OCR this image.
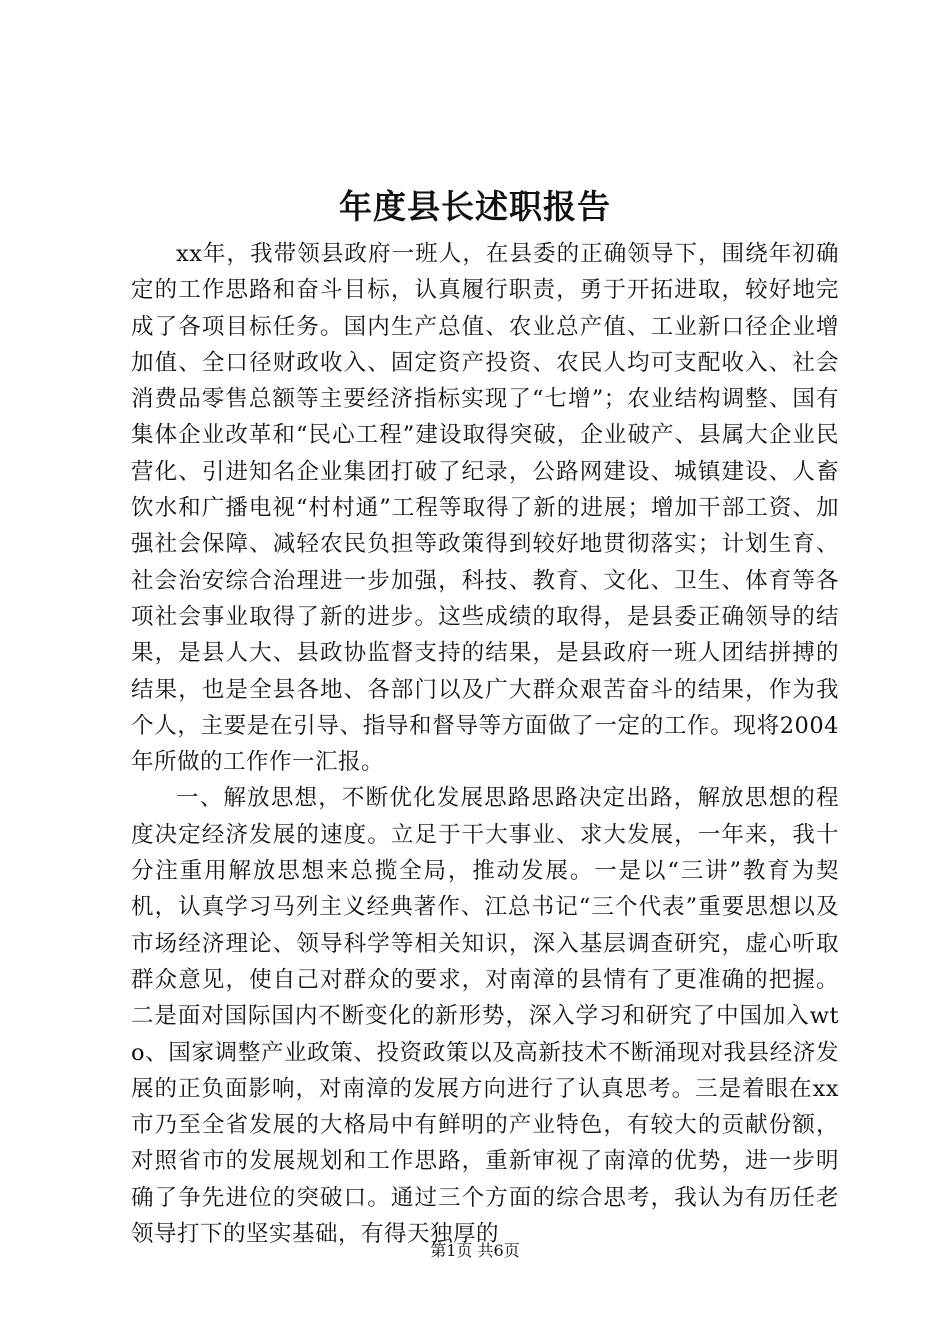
年度县长述职报告

xx年，我带领县政府一班人，在县委的正确领导下，围绕年初确定的工作思路和奋斗目标，认真履行职责，勇于开拓进取，较好地完成了各项目标任务。国内生产总值、农业总产值、工业新口径企业增加值、全口径财政收入、固定资产投资、农民人均可支配收入、社会消费品零售总额等主要经济指标实现了“七增”；农业结构调整、国有集体企业改革和“民心工程”建设取得突破，企业破产、县属大企业民营化、引进知名企业集团打破了纪录，公路网建设、城镇建设、人畜饮水和广播电视“村村通”工程等取得了新的进展；增加干部工资、加强社会保障、减轻农民负担等政策得到较好地贯彻落实；计划生育、社会治安综合治理进一步加强，科技、教育、文化、卫生、体育等各项社会事业取得了新的进步。这些成绩的取得，是县委正确领导的结果，是县人大、县政协监督支持的结果，是县政府一班人团结拼搏的结果，也是全县各地、各部门以及广大群众艰苦奋斗的结果，作为我个人，主要是在引导、指导和督导等方面做了一定的工作。现将2004年所做的工作作一汇报。

一、解放思想，不断优化发展思路思路决定出路，解放思想的程度决定经济发展的速度。立足于干大事业、求大发展，一年来，我十分注重用解放思想来总揽全局，推动发展。一是以“三讲”教育为契机，认真学习马列主义经典著作、江总书记“三个代表”重要思想以及市场经济理论、领导科学等相关知识，深入基层调查研究，虚心听取群众意见，使自己对群众的要求，对南漳的县情有了更准确的把握。二是面对国际国内不断变化的新形势，深入学习和研究了中国加入wto、国家调整产业政策、投资政策以及高新技术不断涌现对我县经济发展的正负面影响，对南漳的发展方向进行了认真思考。三是着眼在xx市乃至全省发展的大格局中有鲜明的产业特色，有较大的贡献份额，对照省市的发展规划和工作思路，重新审视了南漳的优势，进一步明确了争先进位的突破口。通过三个方面的综合思考，我认为有历任老领导打下的坚实基础，有得天独厚的

第1页 共6页
